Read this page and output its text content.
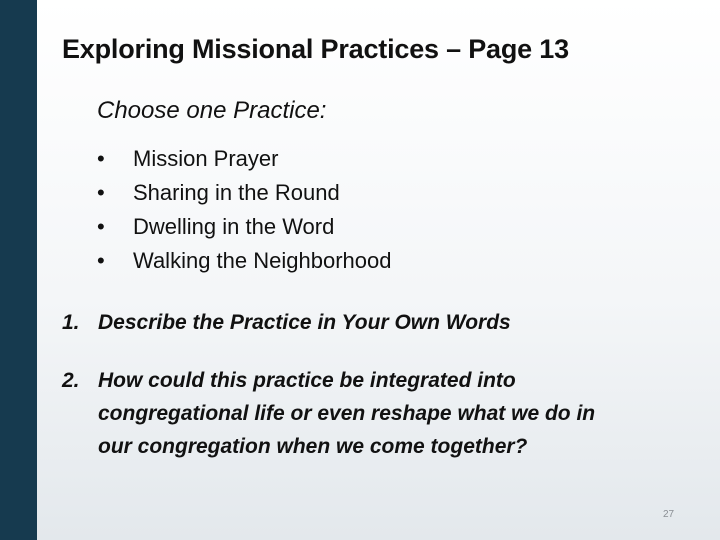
Exploring Missional Practices – Page 13
Choose one Practice:
•	Mission Prayer
•	Sharing in the Round
•	Dwelling in the Word
•	Walking the Neighborhood
1. Describe the Practice in Your Own Words
2. How could this practice be integrated into congregational life or even reshape what we do in our congregation when we come together?
27
